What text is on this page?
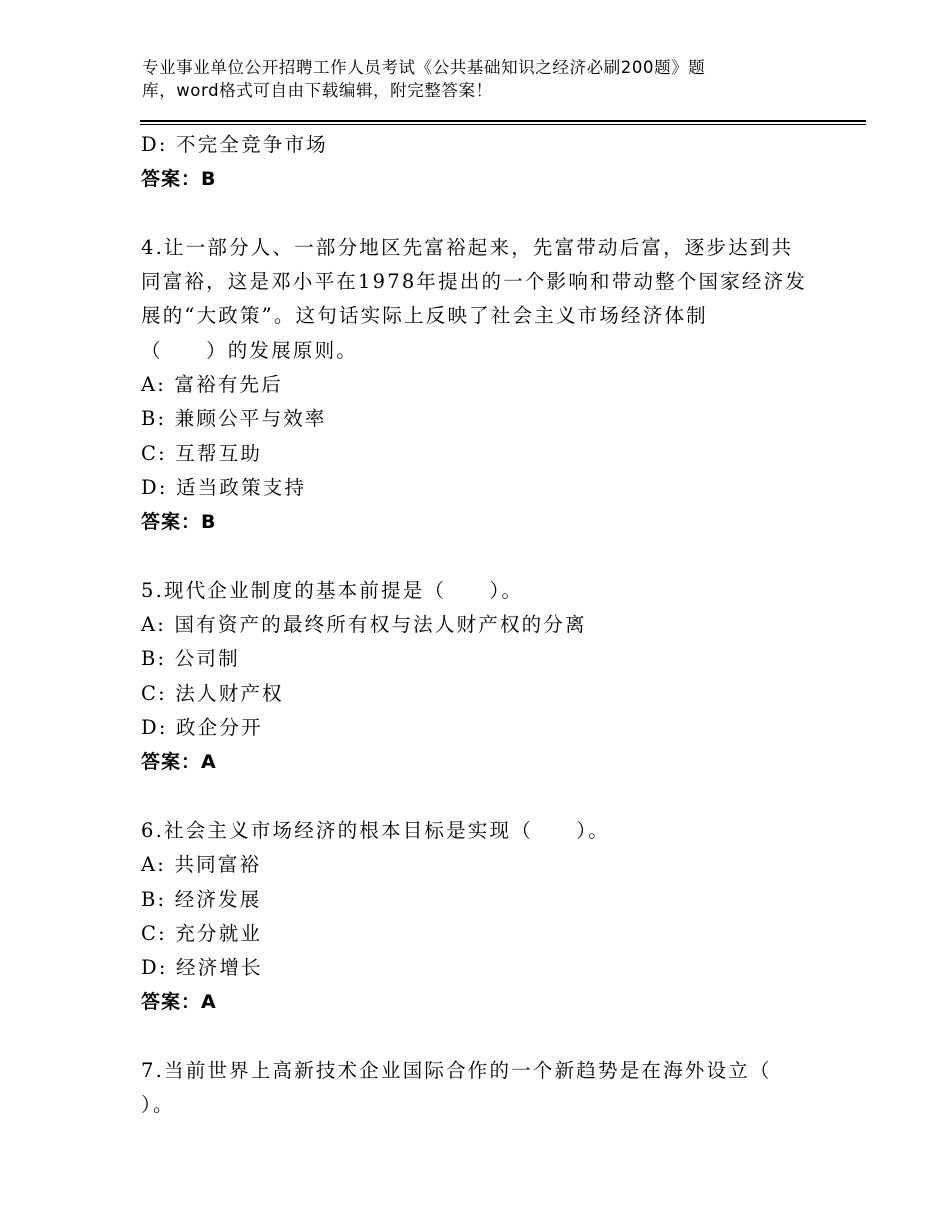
专业事业单位公开招聘工作人员考试《公共基础知识之经济必刷200题》题
库，word格式可自由下载编辑，附完整答案！
D: 不完全竞争市场
答案：B
4.让一部分人、一部分地区先富裕起来，先富带动后富，逐步达到共
同富裕，这是邓小平在1978年提出的一个影响和带动整个国家经济发
展的“大政策”。这句话实际上反映了社会主义市场经济体制
（　　）的发展原则。
A: 富裕有先后
B: 兼顾公平与效率
C: 互帮互助
D: 适当政策支持
答案：B
5.现代企业制度的基本前提是（　　）。
A: 国有资产的最终所有权与法人财产权的分离
B: 公司制
C: 法人财产权
D: 政企分开
答案：A
6.社会主义市场经济的根本目标是实现（　　）。
A: 共同富裕
B: 经济发展
C: 充分就业
D: 经济增长
答案：A
7.当前世界上高新技术企业国际合作的一个新趋势是在海外设立（
）。
